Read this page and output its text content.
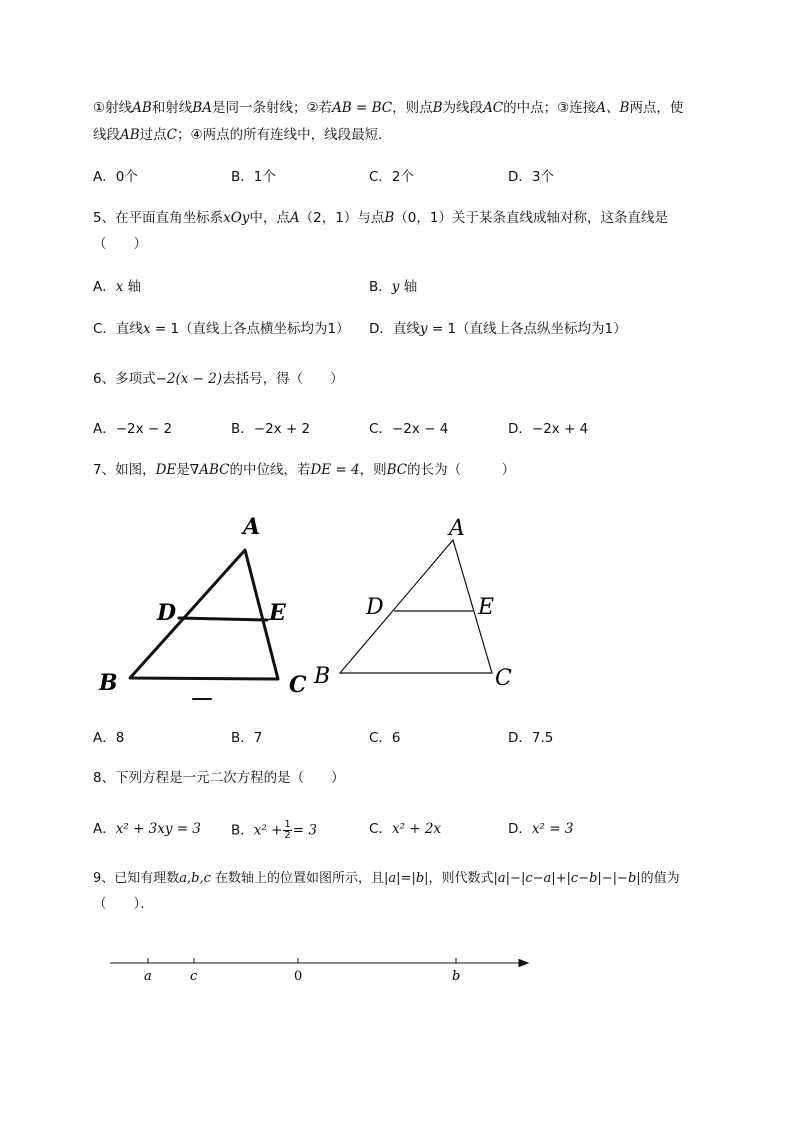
①射线AB和射线BA是同一条射线；②若AB = BC，则点B为线段AC的中点；③连接A、B两点，使
线段AB过点C；④两点的所有连线中，线段最短．
A．0个	B．1个	C．2个	D．3个
5、在平面直角坐标系xOy中，点A（2，1）与点B（0，1）关于某条直线成轴对称，这条直线是
（　　）
A．x 轴	B．y 轴
C．直线x = 1（直线上各点横坐标均为1） D．直线y = 1（直线上各点纵坐标均为1）
6、多项式−2(x − 2)去括号，得（　　）
A．−2x − 2	B．−2x + 2	C．−2x − 4	D．−2x + 4
7、如图，DE是∇ABC的中位线，若DE = 4，则BC的长为（　　　）
A
D	E
B	C
A
D	E
B	C
A．8	B．7	C．6	D．7.5
8、下列方程是一元二次方程的是（　　）
A．x² + 3xy = 3 B．$x^2 + \frac{1}{2} = 3$	C．x² + 2x	D．x² = 3
9、已知有理数a,b,c 在数轴上的位置如图所示，且|a|=|b|，则代数式|a|−|c−a|+|c−b|−|−b|的值为
（　　）．
a	c	0	b
